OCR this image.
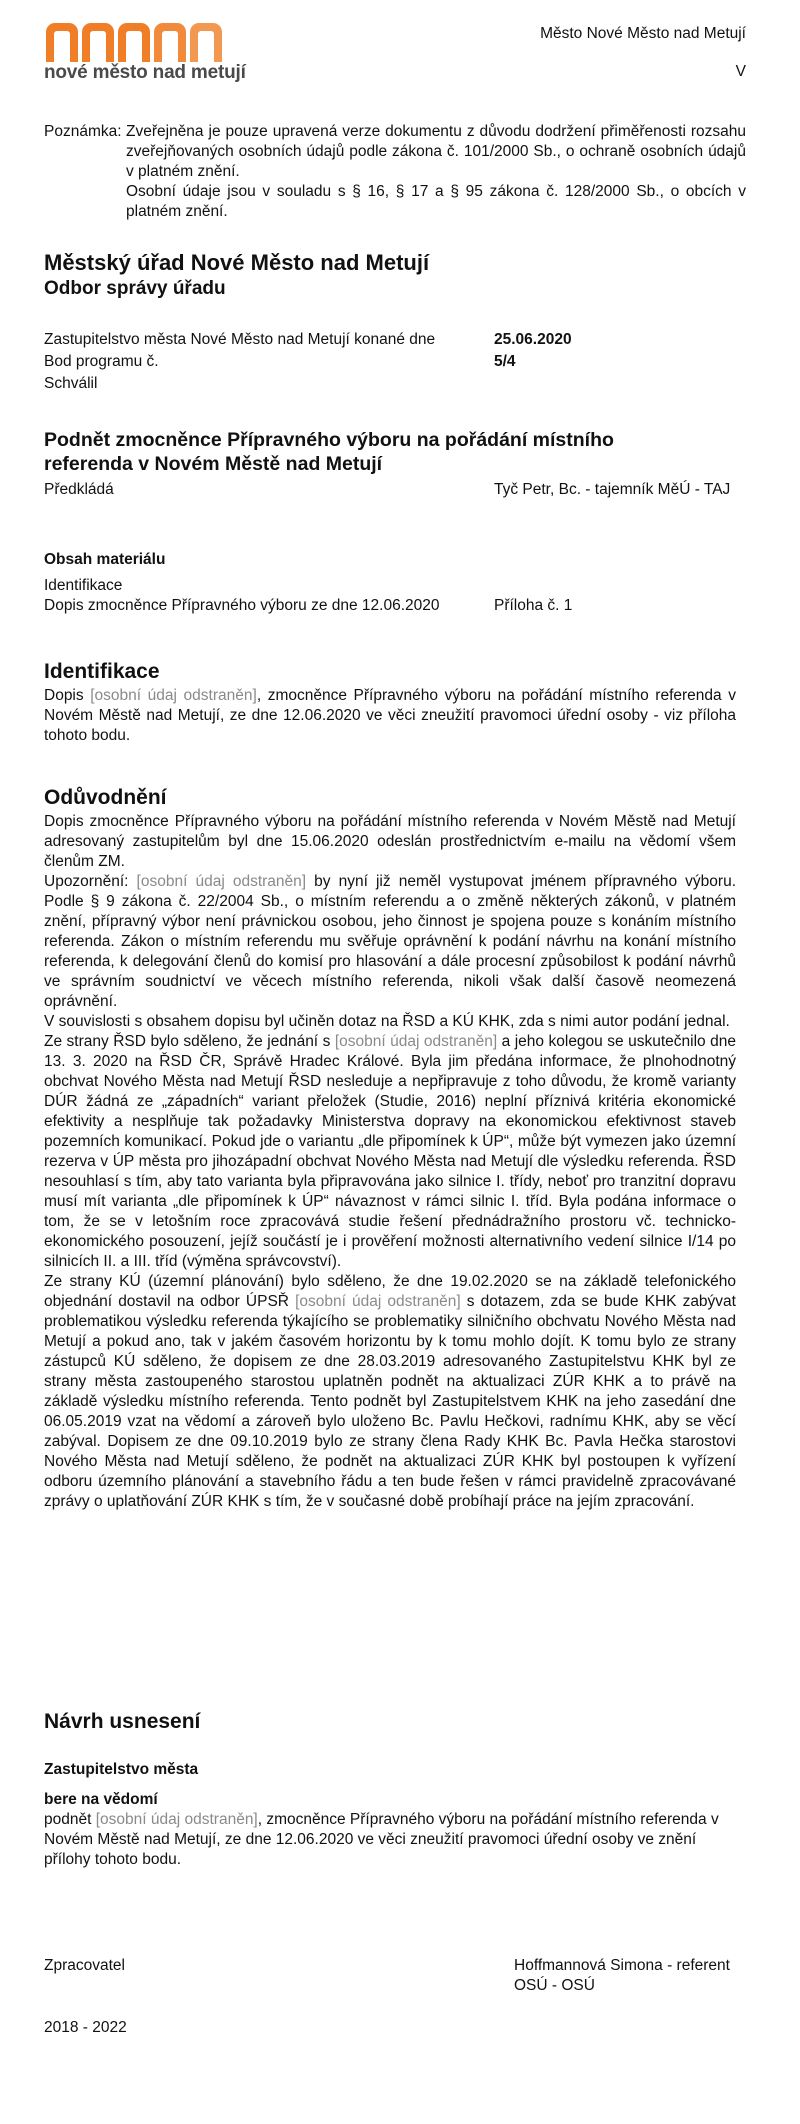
nové město nad metují
Město Nové Město nad Metují
V
Poznámka: Zveřejněna je pouze upravená verze dokumentu z důvodu dodržení přiměřenosti rozsahu zveřejňovaných osobních údajů podle zákona č. 101/2000 Sb., o ochraně osobních údajů v platném znění.
Osobní údaje jsou v souladu s § 16, § 17 a § 95 zákona č. 128/2000 Sb., o obcích v platném znění.
Městský úřad Nové Město nad Metují
Odbor správy úřadu
Zastupitelstvo města Nové Město nad Metují konané dne	25.06.2020
Bod programu č.	5/4
Schválil
Podnět zmocněnce Přípravného výboru na pořádání místního referenda v Novém Městě nad Metují
Předkládá	Tyč Petr, Bc. - tajemník MěÚ - TAJ
Obsah materiálu
Identifikace
Dopis zmocněnce Přípravného výboru ze dne 12.06.2020	Příloha č. 1
Identifikace
Dopis [osobní údaj odstraněn], zmocněnce Přípravného výboru na pořádání místního referenda v Novém Městě nad Metují, ze dne 12.06.2020 ve věci zneužití pravomoci úřední osoby - viz příloha tohoto bodu.
Odůvodnění
Dopis zmocněnce Přípravného výboru na pořádání místního referenda v Novém Městě nad Metují adresovaný zastupitelům byl dne 15.06.2020 odeslán prostřednictvím e-mailu na vědomí všem členům ZM.
Upozornění: [osobní údaj odstraněn] by nyní již neměl vystupovat jménem přípravného výboru. Podle § 9 zákona č. 22/2004 Sb., o místním referendu a o změně některých zákonů, v platném znění, přípravný výbor není právnickou osobou, jeho činnost je spojena pouze s konáním místního referenda. Zákon o místním referendu mu svěřuje oprávnění k podání návrhu na konání místního referenda, k delegování členů do komisí pro hlasování a dále procesní způsobilost k podání návrhů ve správním soudnictví ve věcech místního referenda, nikoli však další časově neomezená oprávnění.
V souvislosti s obsahem dopisu byl učiněn dotaz na ŘSD a KÚ KHK, zda s nimi autor podání jednal.
Ze strany ŘSD bylo sděleno, že jednání s [osobní údaj odstraněn] a jeho kolegou se uskutečnilo dne 13. 3. 2020 na ŘSD ČR, Správě Hradec Králové. Byla jim předána informace, že plnohodnotný obchvat Nového Města nad Metují ŘSD nesleduje a nepřipravuje z toho důvodu, že kromě varianty DÚR žádná ze „západních“ variant přeložek (Studie, 2016) neplní příznivá kritéria ekonomické efektivity a nesplňuje tak požadavky Ministerstva dopravy na ekonomickou efektivnost staveb pozemních komunikací. Pokud jde o variantu „dle připomínek k ÚP“, může být vymezen jako územní rezerva v ÚP města pro jihozápadní obchvat Nového Města nad Metují dle výsledku referenda. ŘSD nesouhlasí s tím, aby tato varianta byla připravována jako silnice I. třídy, neboť pro tranzitní dopravu musí mít varianta „dle připomínek k ÚP“ návaznost v rámci silnic I. tříd. Byla podána informace o tom, že se v letošním roce zpracovává studie řešení přednádražního prostoru vč. technicko-ekonomického posouzení, jejíž součástí je i prověření možnosti alternativního vedení silnice I/14 po silnicích II. a III. tříd (výměna správcovství).
Ze strany KÚ (územní plánování) bylo sděleno, že dne 19.02.2020 se na základě telefonického objednání dostavil na odbor ÚPSŘ [osobní údaj odstraněn] s dotazem, zda se bude KHK zabývat problematikou výsledku referenda týkajícího se problematiky silničního obchvatu Nového Města nad Metují a pokud ano, tak v jakém časovém horizontu by k tomu mohlo dojít. K tomu bylo ze strany zástupců KÚ sděleno, že dopisem ze dne 28.03.2019 adresovaného Zastupitelstvu KHK byl ze strany města zastoupeného starostou uplatněn podnět na aktualizaci ZÚR KHK a to právě na základě výsledku místního referenda. Tento podnět byl Zastupitelstvem KHK na jeho zasedání dne 06.05.2019 vzat na vědomí a zároveň bylo uloženo Bc. Pavlu Hečkovi, radnímu KHK, aby se věcí zabýval. Dopisem ze dne 09.10.2019 bylo ze strany člena Rady KHK Bc. Pavla Hečka starostovi Nového Města nad Metují sděleno, že podnět na aktualizaci ZÚR KHK byl postoupen k vyřízení odboru územního plánování a stavebního řádu a ten bude řešen v rámci pravidelně zpracovávané zprávy o uplatňování ZÚR KHK s tím, že v současné době probíhají práce na jejím zpracování.
Návrh usnesení
Zastupitelstvo města
bere na vědomí
podnět [osobní údaj odstraněn], zmocněnce Přípravného výboru na pořádání místního referenda v Novém Městě nad Metují, ze dne 12.06.2020 ve věci zneužití pravomoci úřední osoby ve znění přílohy tohoto bodu.
Zpracovatel	Hoffmannová Simona - referent OSÚ - OSÚ
2018 - 2022
